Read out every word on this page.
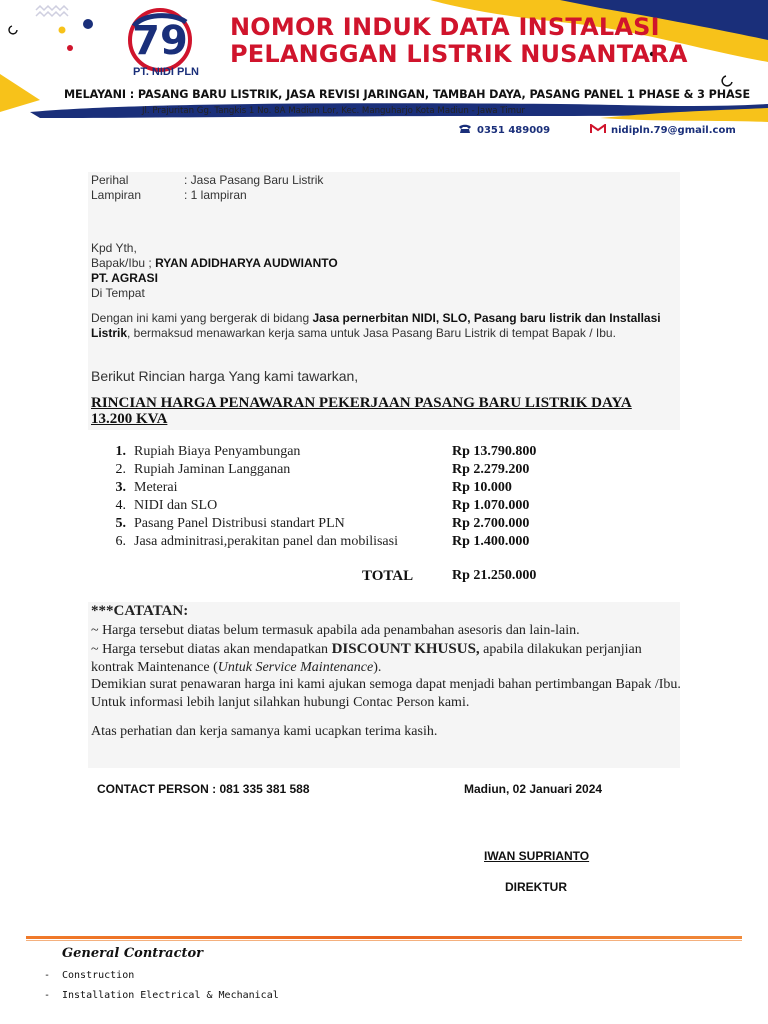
79
PT. NIDI PLN
NOMOR INDUK DATA INSTALASI
PELANGGAN LISTRIK NUSANTARA
MELAYANI : PASANG BARU LISTRIK, JASA REVISI JARINGAN, TAMBAH DAYA, PASANG PANEL 1 PHASE & 3 PHASE
Jl. Prajuritan Gg. Tangkis 1 No. 8A Madiun Lor, Kec. Manguharjo Kota Madiun - Jawa Timur
0351 489009	nidipln.79@gmail.com
Perihal	: Jasa Pasang Baru Listrik
Lampiran	: 1 lampiran
Kpd Yth,
Bapak/Ibu ; RYAN ADIDHARYA AUDWIANTO
PT. AGRASI
Di Tempat
Dengan ini kami yang bergerak di bidang Jasa pernerbitan NIDI, SLO, Pasang baru listrik dan Installasi Listrik, bermaksud menawarkan kerja sama untuk Jasa Pasang Baru Listrik di tempat Bapak / Ibu.
Berikut Rincian harga Yang kami tawarkan,
RINCIAN HARGA PENAWARAN PEKERJAAN PASANG BARU LISTRIK DAYA 13.200 KVA
1. Rupiah Biaya Penyambungan	Rp 13.790.800
2. Rupiah Jaminan Langganan	Rp 2.279.200
3. Meterai	Rp 10.000
4. NIDI dan SLO	Rp 1.070.000
5. Pasang Panel Distribusi standart PLN	Rp 2.700.000
6. Jasa adminitrasi,perakitan panel dan mobilisasi	Rp 1.400.000
TOTAL	Rp 21.250.000
***CATATAN:
~ Harga tersebut diatas belum termasuk apabila ada penambahan asesoris dan lain-lain.
~ Harga tersebut diatas akan mendapatkan DISCOUNT KHUSUS, apabila dilakukan perjanjian kontrak Maintenance (Untuk Service Maintenance).
Demikian surat penawaran harga ini kami ajukan semoga dapat menjadi bahan pertimbangan Bapak /Ibu. Untuk informasi lebih lanjut silahkan hubungi Contac Person kami.
Atas perhatian dan kerja samanya kami ucapkan terima kasih.
CONTACT PERSON : 081 335 381 588	Madiun, 02 Januari 2024
IWAN SUPRIANTO
DIREKTUR
General Contractor
- Construction
- Installation Electrical & Mechanical
